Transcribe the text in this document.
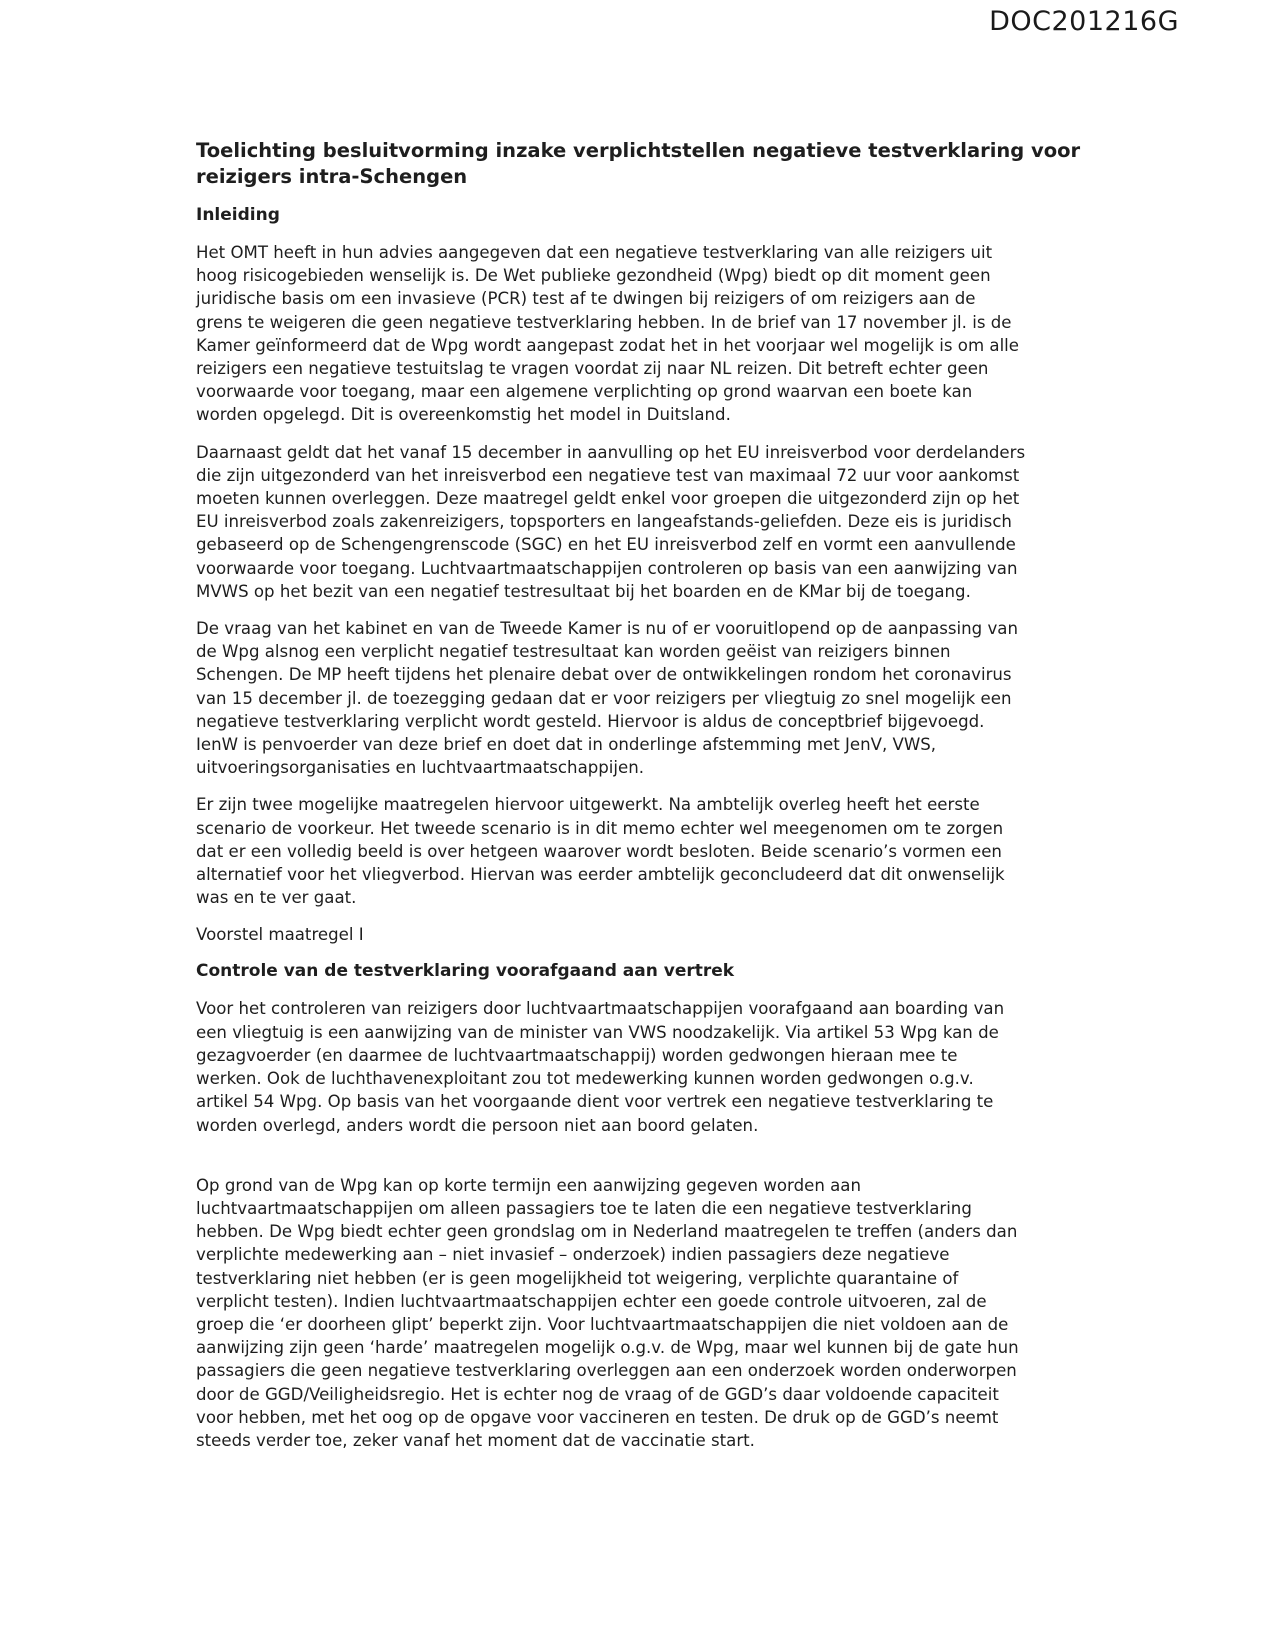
DOC201216G
Toelichting besluitvorming inzake verplichtstellen negatieve testverklaring voor
reizigers intra-Schengen
Inleiding
Het OMT heeft in hun advies aangegeven dat een negatieve testverklaring van alle reizigers uit
hoog risicogebieden wenselijk is. De Wet publieke gezondheid (Wpg) biedt op dit moment geen
juridische basis om een invasieve (PCR) test af te dwingen bij reizigers of om reizigers aan de
grens te weigeren die geen negatieve testverklaring hebben. In de brief van 17 november jl. is de
Kamer geïnformeerd dat de Wpg wordt aangepast zodat het in het voorjaar wel mogelijk is om alle
reizigers een negatieve testuitslag te vragen voordat zij naar NL reizen. Dit betreft echter geen
voorwaarde voor toegang, maar een algemene verplichting op grond waarvan een boete kan
worden opgelegd. Dit is overeenkomstig het model in Duitsland.
Daarnaast geldt dat het vanaf 15 december in aanvulling op het EU inreisverbod voor derdelanders
die zijn uitgezonderd van het inreisverbod een negatieve test van maximaal 72 uur voor aankomst
moeten kunnen overleggen. Deze maatregel geldt enkel voor groepen die uitgezonderd zijn op het
EU inreisverbod zoals zakenreizigers, topsporters en langeafstands-geliefden. Deze eis is juridisch
gebaseerd op de Schengengrenscode (SGC) en het EU inreisverbod zelf en vormt een aanvullende
voorwaarde voor toegang. Luchtvaartmaatschappijen controleren op basis van een aanwijzing van
MVWS op het bezit van een negatief testresultaat bij het boarden en de KMar bij de toegang.
De vraag van het kabinet en van de Tweede Kamer is nu of er vooruitlopend op de aanpassing van
de Wpg alsnog een verplicht negatief testresultaat kan worden geëist van reizigers binnen
Schengen. De MP heeft tijdens het plenaire debat over de ontwikkelingen rondom het coronavirus
van 15 december jl. de toezegging gedaan dat er voor reizigers per vliegtuig zo snel mogelijk een
negatieve testverklaring verplicht wordt gesteld. Hiervoor is aldus de conceptbrief bijgevoegd.
IenW is penvoerder van deze brief en doet dat in onderlinge afstemming met JenV, VWS,
uitvoeringsorganisaties en luchtvaartmaatschappijen.
Er zijn twee mogelijke maatregelen hiervoor uitgewerkt. Na ambtelijk overleg heeft het eerste
scenario de voorkeur. Het tweede scenario is in dit memo echter wel meegenomen om te zorgen
dat er een volledig beeld is over hetgeen waarover wordt besloten. Beide scenario’s vormen een
alternatief voor het vliegverbod. Hiervan was eerder ambtelijk geconcludeerd dat dit onwenselijk
was en te ver gaat.
Voorstel maatregel I
Controle van de testverklaring voorafgaand aan vertrek
Voor het controleren van reizigers door luchtvaartmaatschappijen voorafgaand aan boarding van
een vliegtuig is een aanwijzing van de minister van VWS noodzakelijk. Via artikel 53 Wpg kan de
gezagvoerder (en daarmee de luchtvaartmaatschappij) worden gedwongen hieraan mee te
werken. Ook de luchthavenexploitant zou tot medewerking kunnen worden gedwongen o.g.v.
artikel 54 Wpg. Op basis van het voorgaande dient voor vertrek een negatieve testverklaring te
worden overlegd, anders wordt die persoon niet aan boord gelaten.
Op grond van de Wpg kan op korte termijn een aanwijzing gegeven worden aan
luchtvaartmaatschappijen om alleen passagiers toe te laten die een negatieve testverklaring
hebben. De Wpg biedt echter geen grondslag om in Nederland maatregelen te treffen (anders dan
verplichte medewerking aan – niet invasief – onderzoek) indien passagiers deze negatieve
testverklaring niet hebben (er is geen mogelijkheid tot weigering, verplichte quarantaine of
verplicht testen). Indien luchtvaartmaatschappijen echter een goede controle uitvoeren, zal de
groep die ‘er doorheen glipt’ beperkt zijn. Voor luchtvaartmaatschappijen die niet voldoen aan de
aanwijzing zijn geen ‘harde’ maatregelen mogelijk o.g.v. de Wpg, maar wel kunnen bij de gate hun
passagiers die geen negatieve testverklaring overleggen aan een onderzoek worden onderworpen
door de GGD/Veiligheidsregio. Het is echter nog de vraag of de GGD’s daar voldoende capaciteit
voor hebben, met het oog op de opgave voor vaccineren en testen. De druk op de GGD’s neemt
steeds verder toe, zeker vanaf het moment dat de vaccinatie start.
